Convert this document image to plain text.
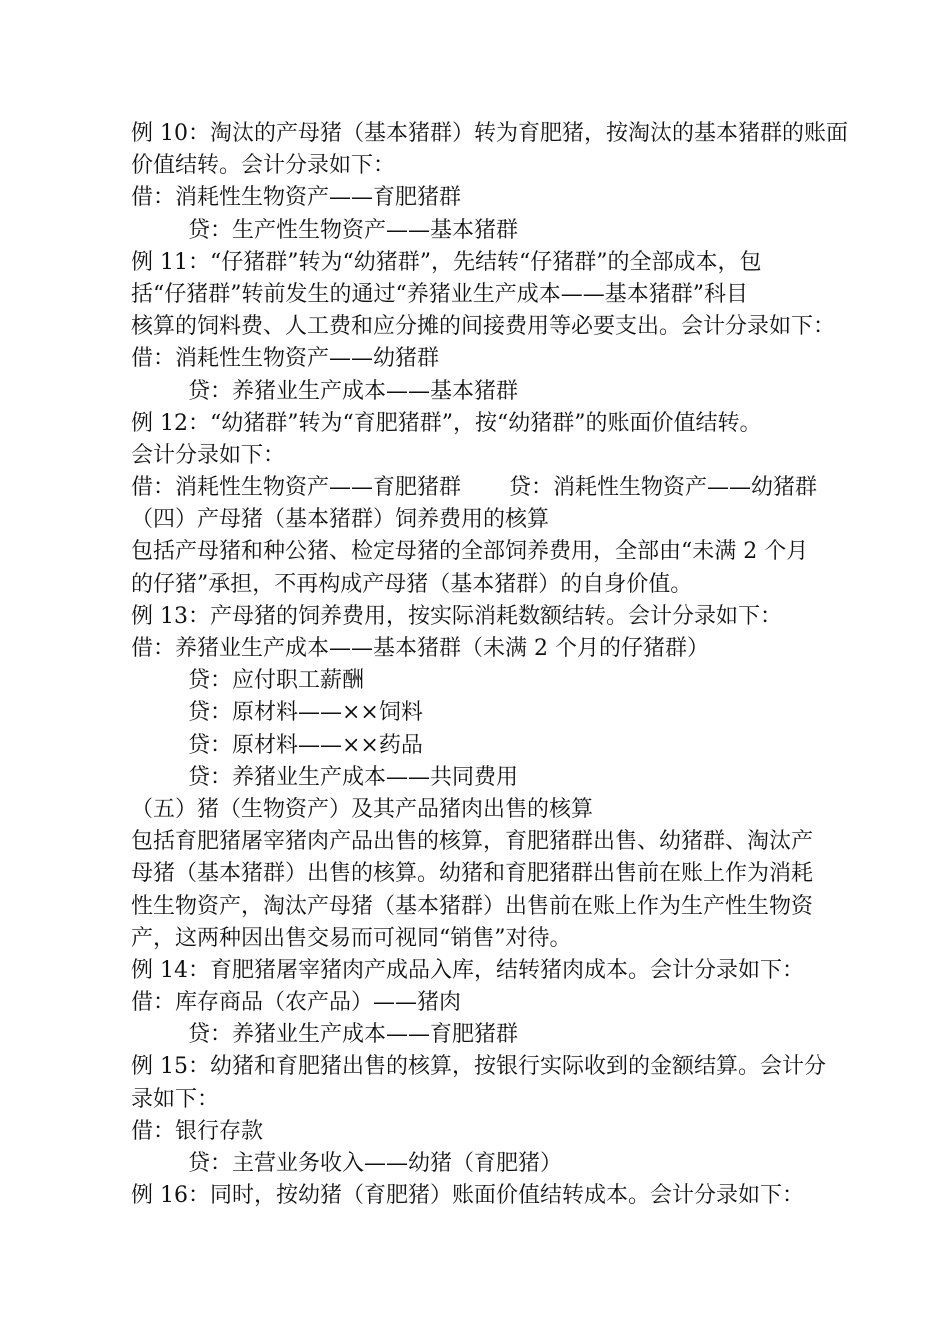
例 10：淘汰的产母猪（基本猪群）转为育肥猪，按淘汰的基本猪群的账面
价值结转。会计分录如下：
借：消耗性生物资产——育肥猪群
贷：生产性生物资产——基本猪群
例 11：“仔猪群”转为“幼猪群”，先结转“仔猪群”的全部成本，包
括“仔猪群”转前发生的通过“养猪业生产成本——基本猪群”科目
核算的饲料费、人工费和应分摊的间接费用等必要支出。会计分录如下：
借：消耗性生物资产——幼猪群
贷：养猪业生产成本——基本猪群
例 12：“幼猪群”转为“育肥猪群”，按“幼猪群”的账面价值结转。
会计分录如下：
借：消耗性生物资产——育肥猪群 贷：消耗性生物资产——幼猪群
（四）产母猪（基本猪群）饲养费用的核算
包括产母猪和种公猪、检定母猪的全部饲养费用，全部由“未满 2 个月
的仔猪”承担，不再构成产母猪（基本猪群）的自身价值。
例 13：产母猪的饲养费用，按实际消耗数额结转。会计分录如下：
借：养猪业生产成本——基本猪群（未满 2 个月的仔猪群）
贷：应付职工薪酬
贷：原材料——××饲料
贷：原材料——××药品
贷：养猪业生产成本——共同费用
（五）猪（生物资产）及其产品猪肉出售的核算
包括育肥猪屠宰猪肉产品出售的核算，育肥猪群出售、幼猪群、淘汰产
母猪（基本猪群）出售的核算。幼猪和育肥猪群出售前在账上作为消耗
性生物资产，淘汰产母猪（基本猪群）出售前在账上作为生产性生物资
产，这两种因出售交易而可视同“销售”对待。
例 14：育肥猪屠宰猪肉产成品入库，结转猪肉成本。会计分录如下：
借：库存商品（农产品）——猪肉
贷：养猪业生产成本——育肥猪群
例 15：幼猪和育肥猪出售的核算，按银行实际收到的金额结算。会计分
录如下：
借：银行存款
贷：主营业务收入——幼猪（育肥猪）
例 16：同时，按幼猪（育肥猪）账面价值结转成本。会计分录如下：
